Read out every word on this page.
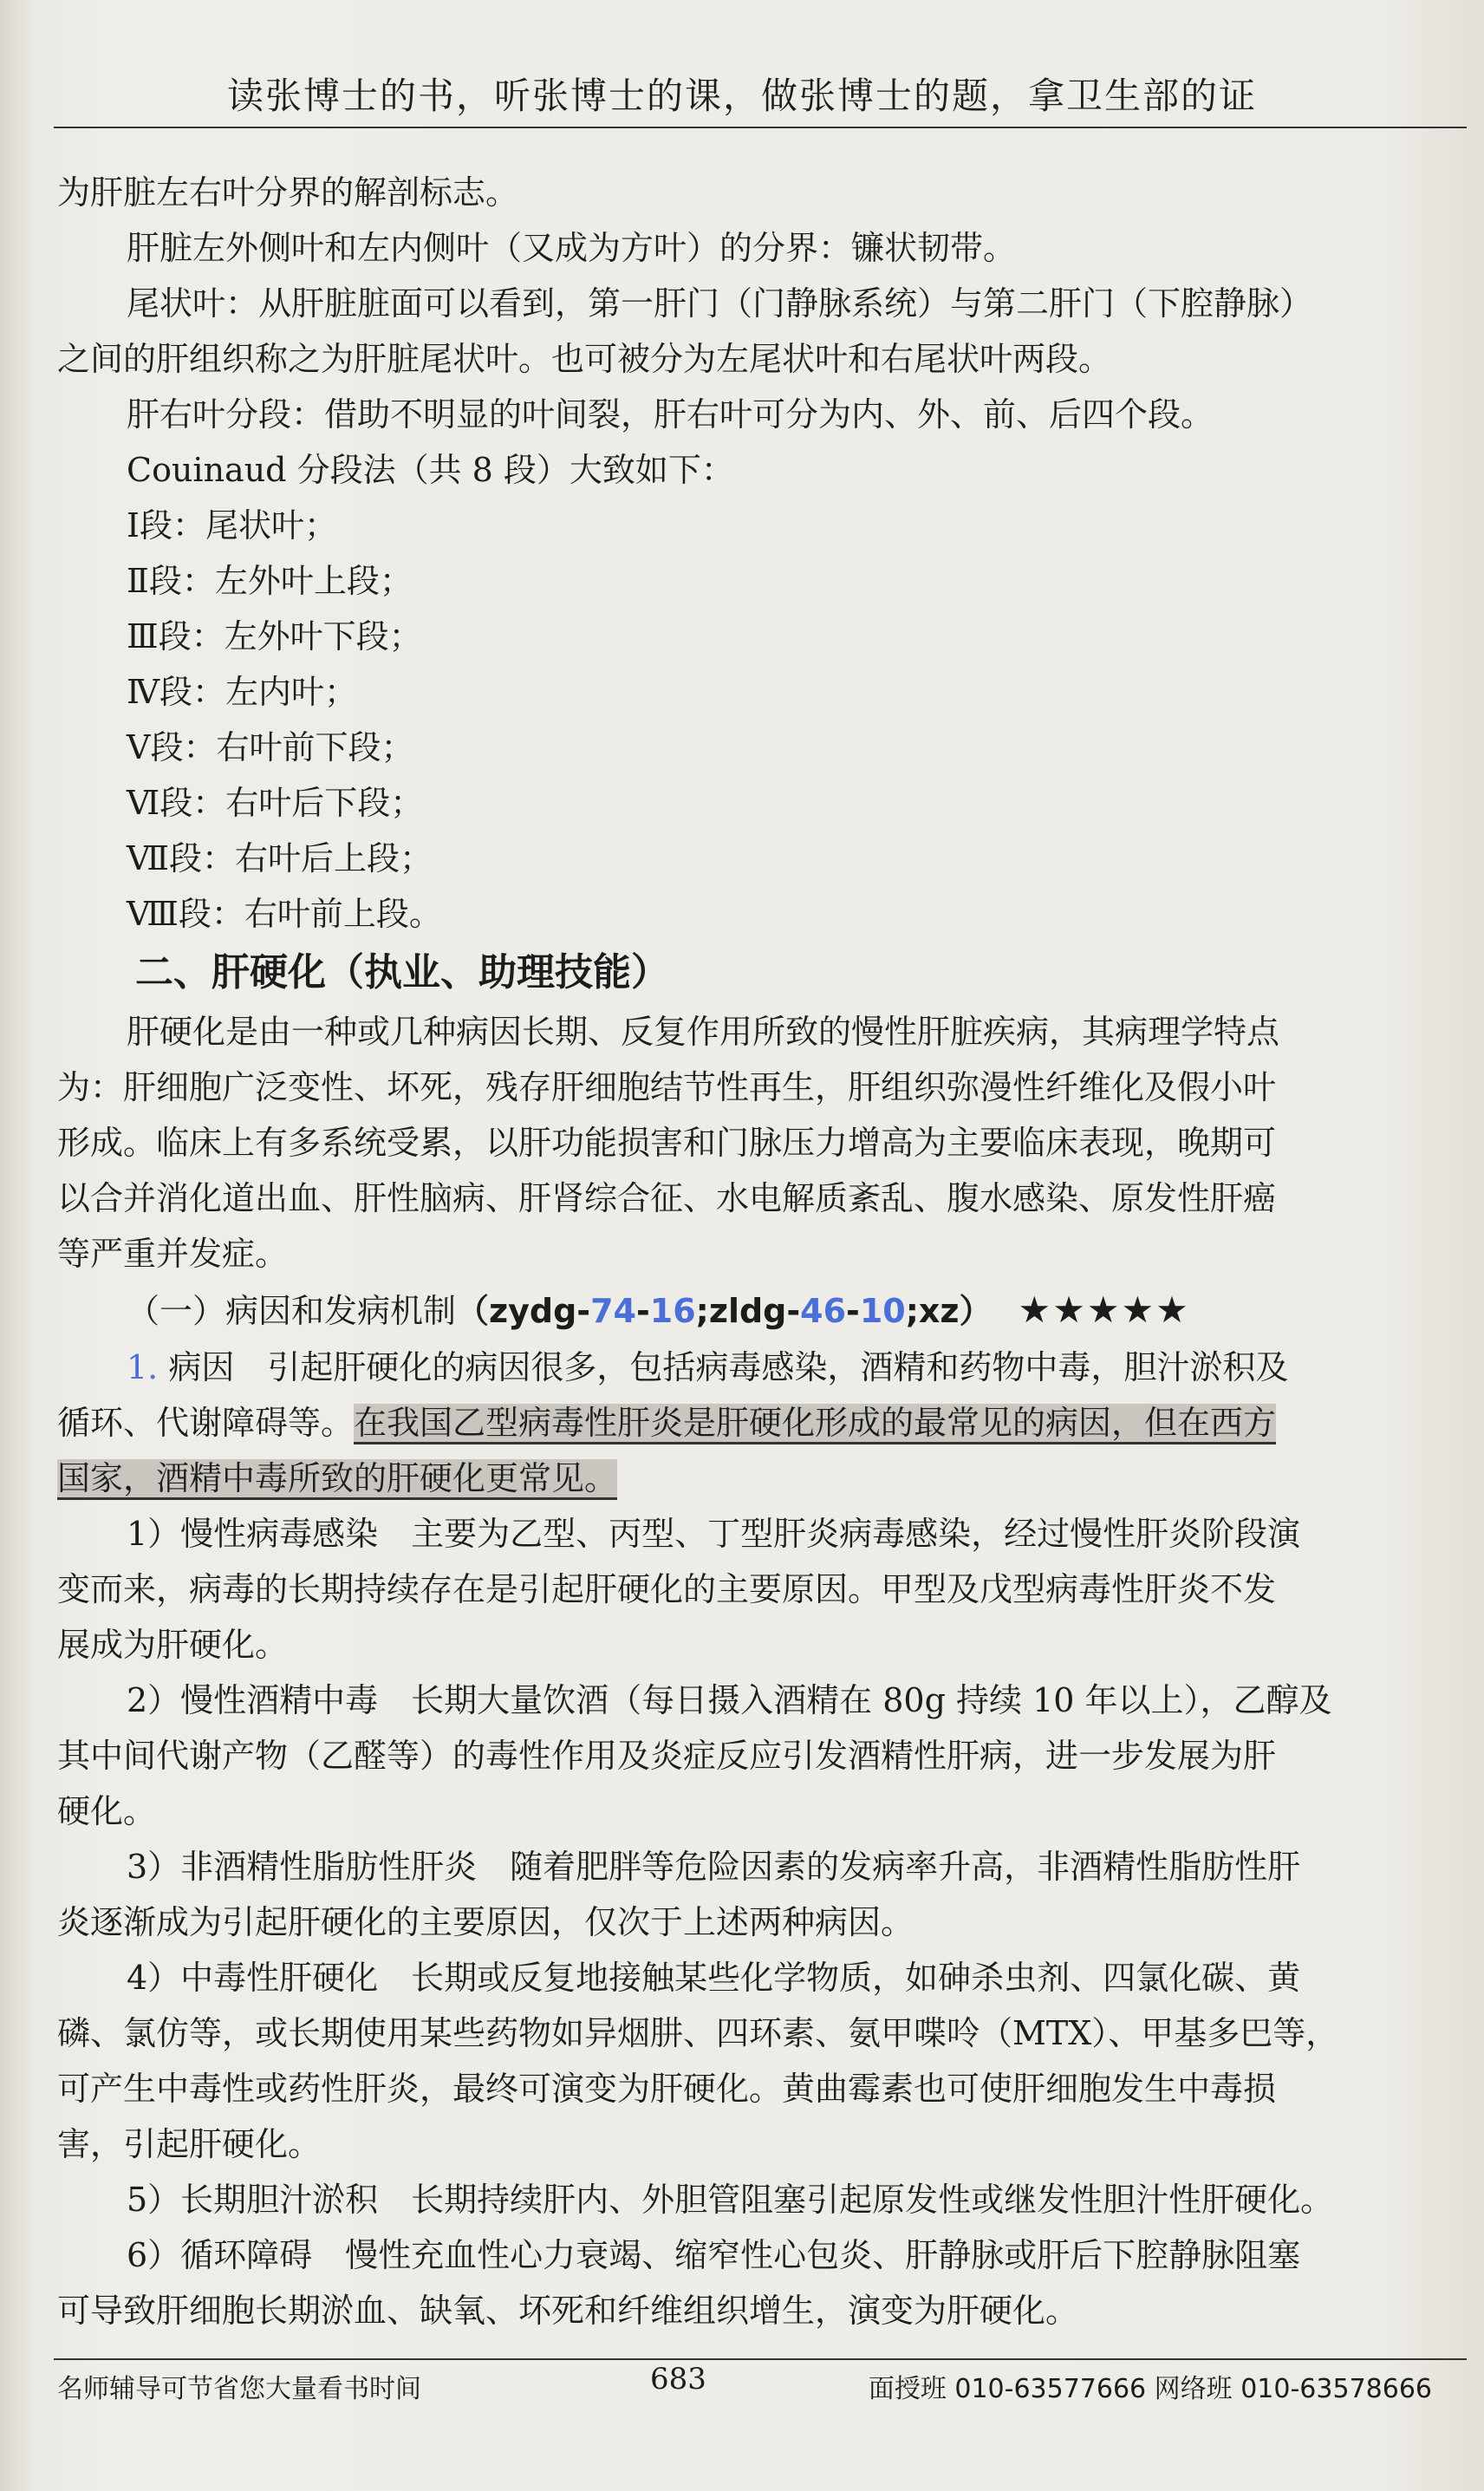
读张博士的书，听张博士的课，做张博士的题，拿卫生部的证
为肝脏左右叶分界的解剖标志。
肝脏左外侧叶和左内侧叶（又成为方叶）的分界：镰状韧带。
尾状叶：从肝脏脏面可以看到，第一肝门（门静脉系统）与第二肝门（下腔静脉）
之间的肝组织称之为肝脏尾状叶。也可被分为左尾状叶和右尾状叶两段。
肝右叶分段：借助不明显的叶间裂，肝右叶可分为内、外、前、后四个段。
Couinaud 分段法（共 8 段）大致如下：
Ⅰ段：尾状叶；
Ⅱ段：左外叶上段；
Ⅲ段：左外叶下段；
Ⅳ段：左内叶；
Ⅴ段：右叶前下段；
Ⅵ段：右叶后下段；
Ⅶ段：右叶后上段；
Ⅷ段：右叶前上段。
二、肝硬化（执业、助理技能）
肝硬化是由一种或几种病因长期、反复作用所致的慢性肝脏疾病，其病理学特点
为：肝细胞广泛变性、坏死，残存肝细胞结节性再生，肝组织弥漫性纤维化及假小叶
形成。临床上有多系统受累，以肝功能损害和门脉压力增高为主要临床表现，晚期可
以合并消化道出血、肝性脑病、肝肾综合征、水电解质紊乱、腹水感染、原发性肝癌
等严重并发症。
（一）病因和发病机制（zydg-74-16;zldg-46-10;xz） ★★★★★
1. 病因　引起肝硬化的病因很多，包括病毒感染，酒精和药物中毒，胆汁淤积及
循环、代谢障碍等。在我国乙型病毒性肝炎是肝硬化形成的最常见的病因，但在西方
国家，酒精中毒所致的肝硬化更常见。
1）慢性病毒感染　主要为乙型、丙型、丁型肝炎病毒感染，经过慢性肝炎阶段演
变而来，病毒的长期持续存在是引起肝硬化的主要原因。甲型及戊型病毒性肝炎不发
展成为肝硬化。
2）慢性酒精中毒　长期大量饮酒（每日摄入酒精在 80g 持续 10 年以上），乙醇及
其中间代谢产物（乙醛等）的毒性作用及炎症反应引发酒精性肝病，进一步发展为肝
硬化。
3）非酒精性脂肪性肝炎　随着肥胖等危险因素的发病率升高，非酒精性脂肪性肝
炎逐渐成为引起肝硬化的主要原因，仅次于上述两种病因。
4）中毒性肝硬化　长期或反复地接触某些化学物质，如砷杀虫剂、四氯化碳、黄
磷、氯仿等，或长期使用某些药物如异烟肼、四环素、氨甲喋呤（MTX）、甲基多巴等，
可产生中毒性或药性肝炎，最终可演变为肝硬化。黄曲霉素也可使肝细胞发生中毒损
害，引起肝硬化。
5）长期胆汁淤积　长期持续肝内、外胆管阻塞引起原发性或继发性胆汁性肝硬化。
6）循环障碍　慢性充血性心力衰竭、缩窄性心包炎、肝静脉或肝后下腔静脉阻塞
可导致肝细胞长期淤血、缺氧、坏死和纤维组织增生，演变为肝硬化。
名师辅导可节省您大量看书时间	683	面授班 010-63577666 网络班 010-63578666
